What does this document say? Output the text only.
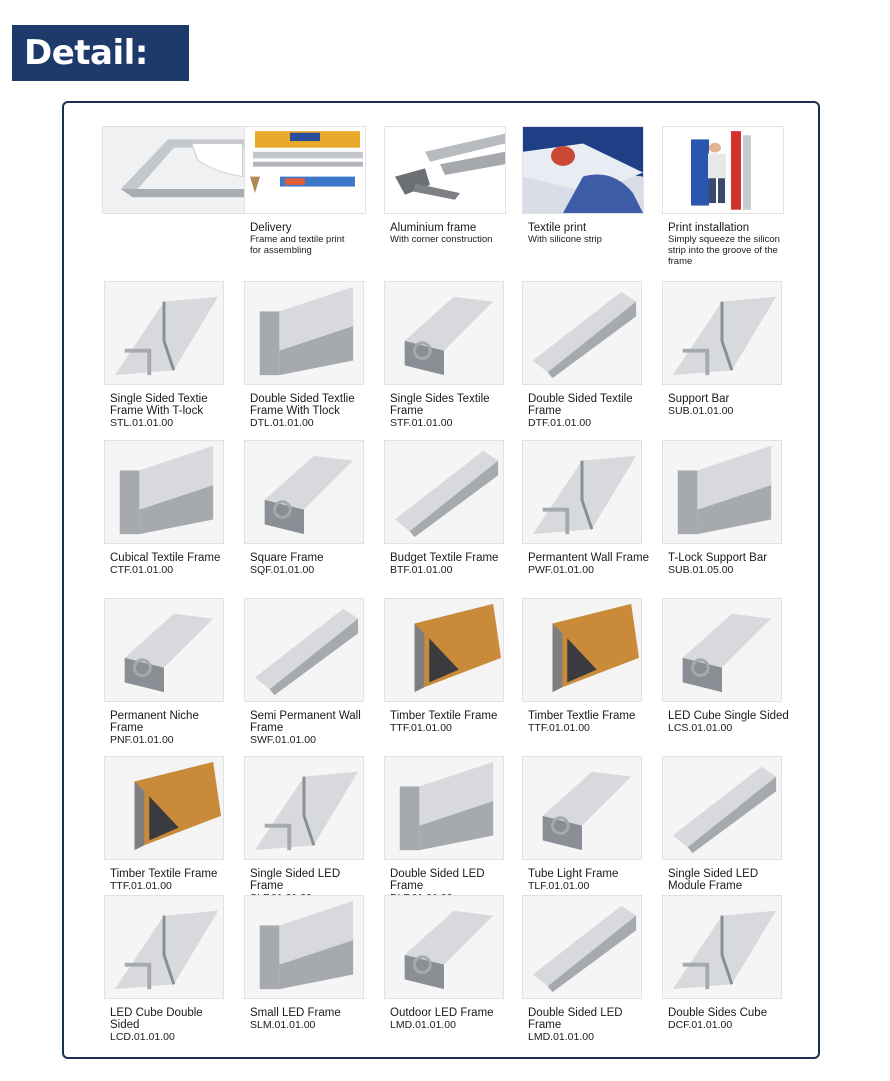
Detail:
Delivery
Frame and textile print for assembling
Aluminium frame
With corner construction
Textile print
With silicone strip
Print installation
Simply squeeze the silicon strip into the groove of the frame
Single Sided Textie Frame With T-lock
STL.01.01.00
Double Sided Textlie Frame With Tlock
DTL.01.01.00
Single Sides Textile Frame
STF.01.01.00
Double Sided Textile Frame
DTF.01.01.00
Support Bar
SUB.01.01.00
Cubical Textile Frame
CTF.01.01.00
Square Frame
SQF.01.01.00
Budget Textile Frame
BTF.01.01.00
Permantent Wall Frame
PWF.01.01.00
T-Lock Support Bar
SUB.01.05.00
Permanent Niche Frame
PNF.01.01.00
Semi Permanent Wall Frame
SWF.01.01.00
Timber Textile Frame
TTF.01.01.00
Timber Textlie Frame
TTF.01.01.00
LED Cube Single Sided
LCS.01.01.00
Timber Textile Frame
TTF.01.01.00
Single Sided LED Frame
Double Sided LED Frame
Tube Light Frame
TLF.01.01.00
Single Sided LED Module Frame
LED Cube Double Sided
LCD.01.01.00
Small LED Frame
SLM.01.01.00
Outdoor LED Frame
LMD.01.01.00
Double Sided LED Frame
LMD.01.01.00
Double Sides Cube
DCF.01.01.00
